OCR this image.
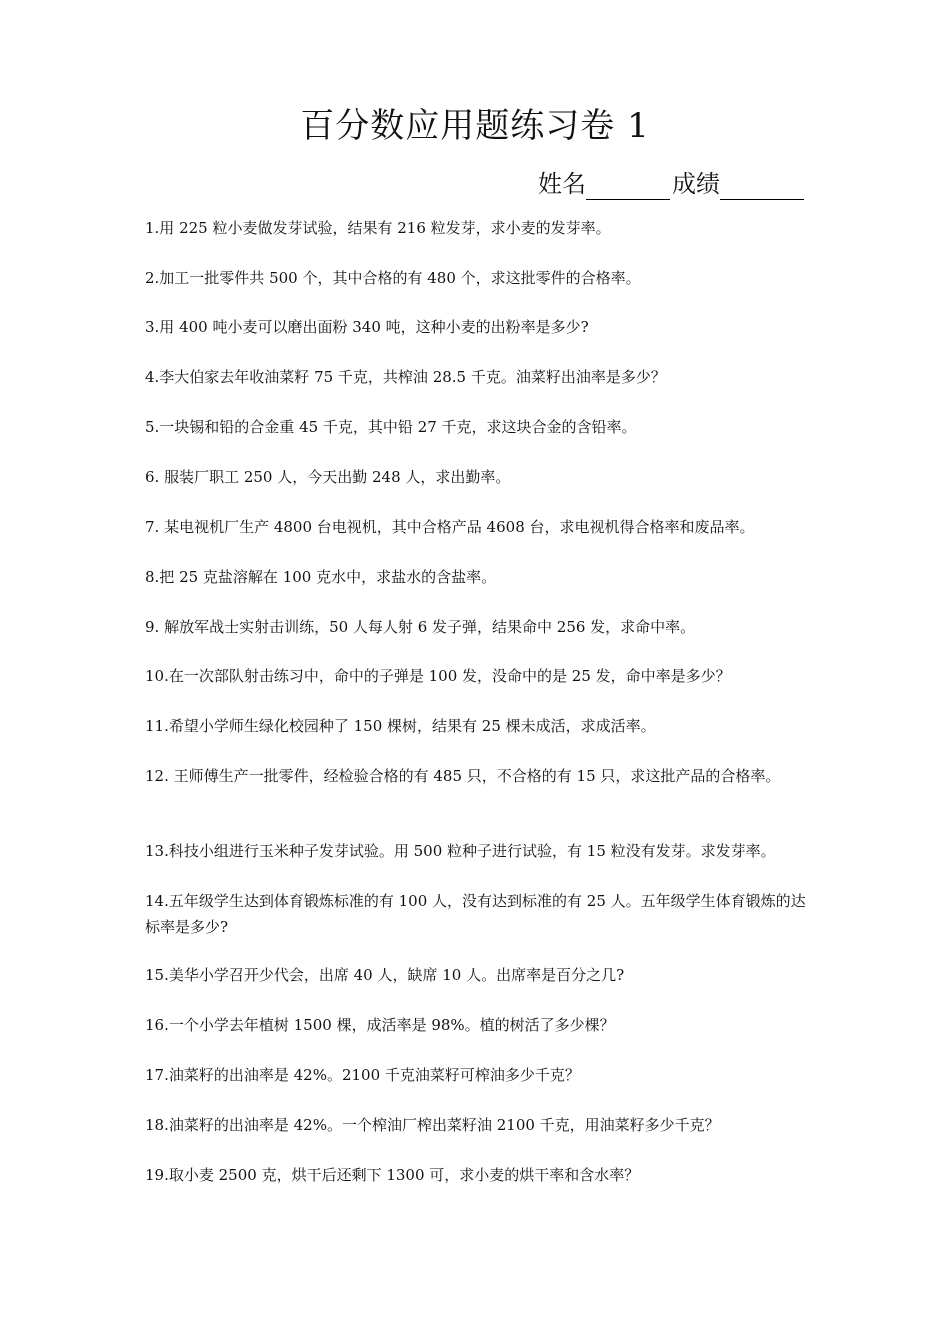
百分数应用题练习卷 1
姓名	成绩

1.用 225 粒小麦做发芽试验，结果有 216 粒发芽，求小麦的发芽率。

2.加工一批零件共 500 个，其中合格的有 480 个，求这批零件的合格率。

3.用 400 吨小麦可以磨出面粉 340 吨，这种小麦的出粉率是多少?

4.李大伯家去年收油菜籽 75 千克，共榨油 28.5 千克。油菜籽出油率是多少？

5.一块锡和铅的合金重 45 千克，其中铅 27 千克，求这块合金的含铅率。

6. 服装厂职工 250 人，今天出勤 248 人，求出勤率。

7. 某电视机厂生产 4800 台电视机，其中合格产品 4608 台，求电视机得合格率和废品率。

8.把 25 克盐溶解在 100 克水中，求盐水的含盐率。

9. 解放军战士实射击训练，50 人每人射 6 发子弹，结果命中 256 发，求命中率。

10.在一次部队射击练习中，命中的子弹是 100 发，没命中的是 25 发，命中率是多少？

11.希望小学师生绿化校园种了 150 棵树，结果有 25 棵未成活，求成活率。

12. 王师傅生产一批零件，经检验合格的有 485 只，不合格的有 15 只，求这批产品的合格率。

13.科技小组进行玉米种子发芽试验。用 500 粒种子进行试验，有 15 粒没有发芽。求发芽率。

14.五年级学生达到体育锻炼标准的有 100 人，没有达到标准的有 25 人。五年级学生体育锻炼的达标率是多少?

15.美华小学召开少代会，出席 40 人，缺席 10 人。出席率是百分之几?

16.一个小学去年植树 1500 棵，成活率是 98%。植的树活了多少棵？

17.油菜籽的出油率是 42%。2100 千克油菜籽可榨油多少千克？

18.油菜籽的出油率是 42%。一个榨油厂榨出菜籽油 2100 千克，用油菜籽多少千克？

19.取小麦 2500 克，烘干后还剩下 1300 可，求小麦的烘干率和含水率？
